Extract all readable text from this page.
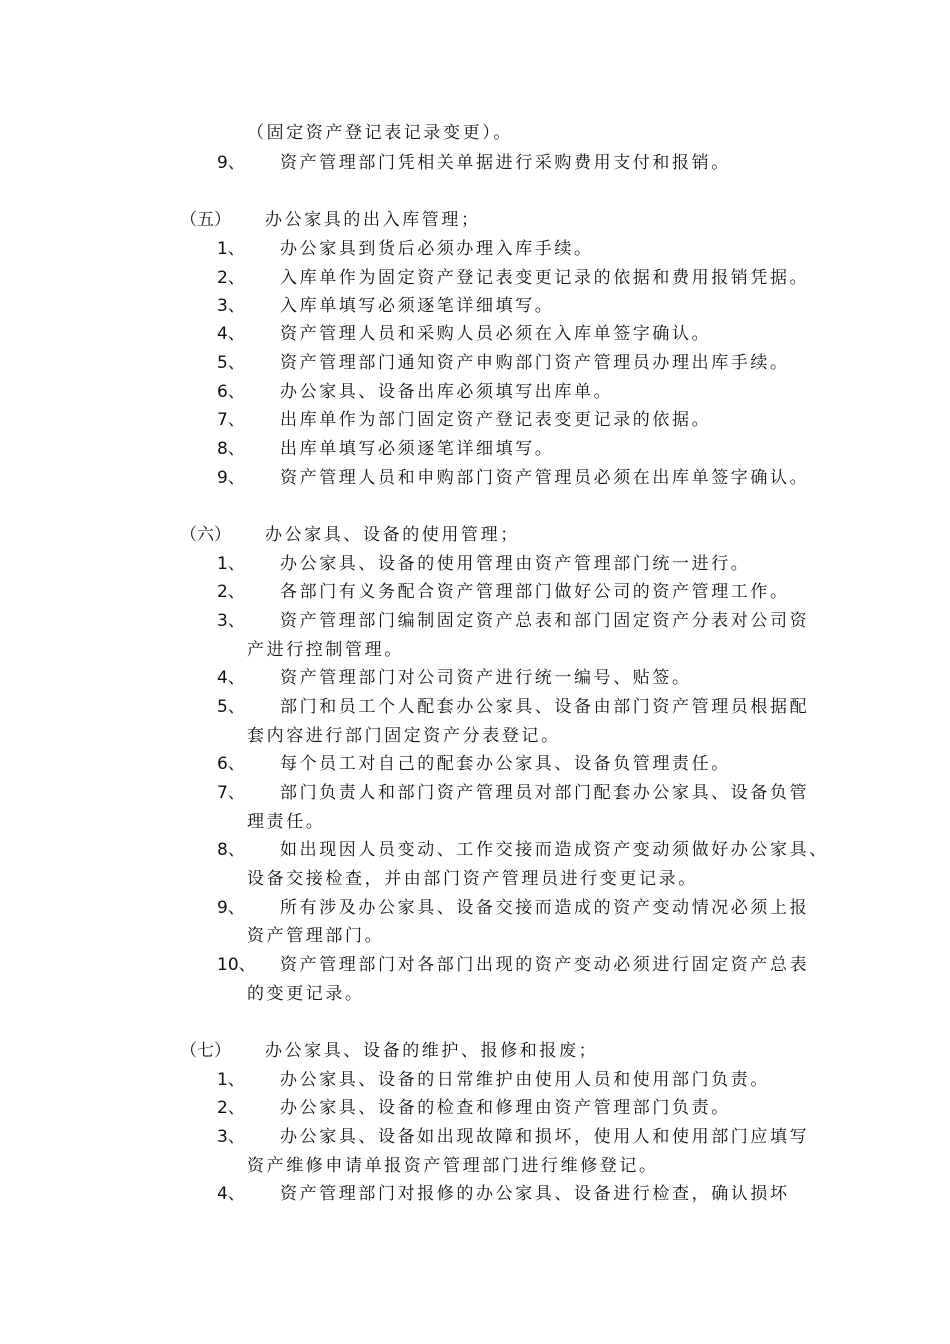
（固定资产登记表记录变更）。
9、 资产管理部门凭相关单据进行采购费用支付和报销。
（五） 办公家具的出入库管理；
1、 办公家具到货后必须办理入库手续。
2、 入库单作为固定资产登记表变更记录的依据和费用报销凭据。
3、 入库单填写必须逐笔详细填写。
4、 资产管理人员和采购人员必须在入库单签字确认。
5、 资产管理部门通知资产申购部门资产管理员办理出库手续。
6、 办公家具、设备出库必须填写出库单。
7、 出库单作为部门固定资产登记表变更记录的依据。
8、 出库单填写必须逐笔详细填写。
9、 资产管理人员和申购部门资产管理员必须在出库单签字确认。
（六） 办公家具、设备的使用管理；
1、 办公家具、设备的使用管理由资产管理部门统一进行。
2、 各部门有义务配合资产管理部门做好公司的资产管理工作。
3、 资产管理部门编制固定资产总表和部门固定资产分表对公司资
产进行控制管理。
4、 资产管理部门对公司资产进行统一编号、贴签。
5、 部门和员工个人配套办公家具、设备由部门资产管理员根据配
套内容进行部门固定资产分表登记。
6、 每个员工对自己的配套办公家具、设备负管理责任。
7、 部门负责人和部门资产管理员对部门配套办公家具、设备负管
理责任。
8、 如出现因人员变动、工作交接而造成资产变动须做好办公家具、
设备交接检查，并由部门资产管理员进行变更记录。
9、 所有涉及办公家具、设备交接而造成的资产变动情况必须上报
资产管理部门。
10、 资产管理部门对各部门出现的资产变动必须进行固定资产总表
的变更记录。
（七） 办公家具、设备的维护、报修和报废；
1、 办公家具、设备的日常维护由使用人员和使用部门负责。
2、 办公家具、设备的检查和修理由资产管理部门负责。
3、 办公家具、设备如出现故障和损坏，使用人和使用部门应填写
资产维修申请单报资产管理部门进行维修登记。
4、 资产管理部门对报修的办公家具、设备进行检查，确认损坏
